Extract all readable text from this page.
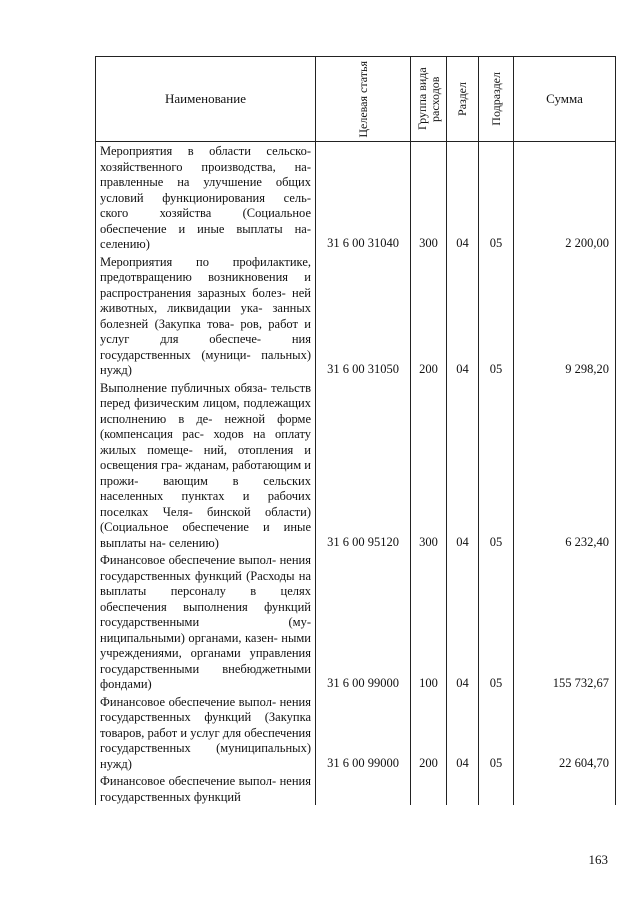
Наименование	Целевая статья	Группа вида расходов	Раздел	Подраздел	Сумма
Мероприятия в области сельско- хозяйственного производства, на- правленные на улучшение общих условий функционирования сель- ского хозяйства (Социальное обеспечение и иные выплаты на- селению)	31 6 00 31040	300	04	05	2 200,00
Мероприятия по профилактике, предотвращению возникновения и распространения заразных болез- ней животных, ликвидации ука- занных болезней (Закупка това- ров, работ и услуг для обеспече- ния государственных (муници- пальных) нужд)	31 6 00 31050	200	04	05	9 298,20
Выполнение публичных обяза- тельств перед физическим лицом, подлежащих исполнению в де- нежной форме (компенсация рас- ходов на оплату жилых помеще- ний, отопления и освещения гра- жданам, работающим и прожи- вающим в сельских населенных пунктах и рабочих поселках Челя- бинской области) (Социальное обеспечение и иные выплаты на- селению)	31 6 00 95120	300	04	05	6 232,40
Финансовое обеспечение выпол- нения государственных функций (Расходы на выплаты персоналу в целях обеспечения выполнения функций государственными (му- ниципальными) органами, казен- ными учреждениями, органами управления государственными внебюджетными фондами)	31 6 00 99000	100	04	05	155 732,67
Финансовое обеспечение выпол- нения государственных функций (Закупка товаров, работ и услуг для обеспечения государственных (муниципальных) нужд)	31 6 00 99000	200	04	05	22 604,70
Финансовое обеспечение выпол- нения государственных функций					
163
